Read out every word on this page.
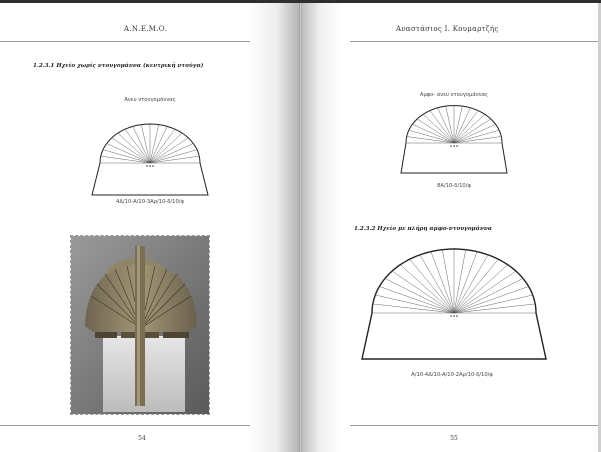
Α.Ν.Ε.Μ.Ο.
1.2.3.1 Ηχείο χωρίς ντουγομάννα (κεντρική ντούγα)
Άνευ ντουγομάννας
4Δ/10-Α/10-3Αρ/10-δ/10/φ
54
Αναστάσιος Ι. Κουμαρτζής
Αμφο- ανευ ντουγομάννας
8Α/10-δ/10/φ
1.2.3.2 Ηχείο με πλήρη αμφο-ντουγομάννα
Α/10-4Δ/10-Α/10-2Αρ/10-δ/10/φ
55
